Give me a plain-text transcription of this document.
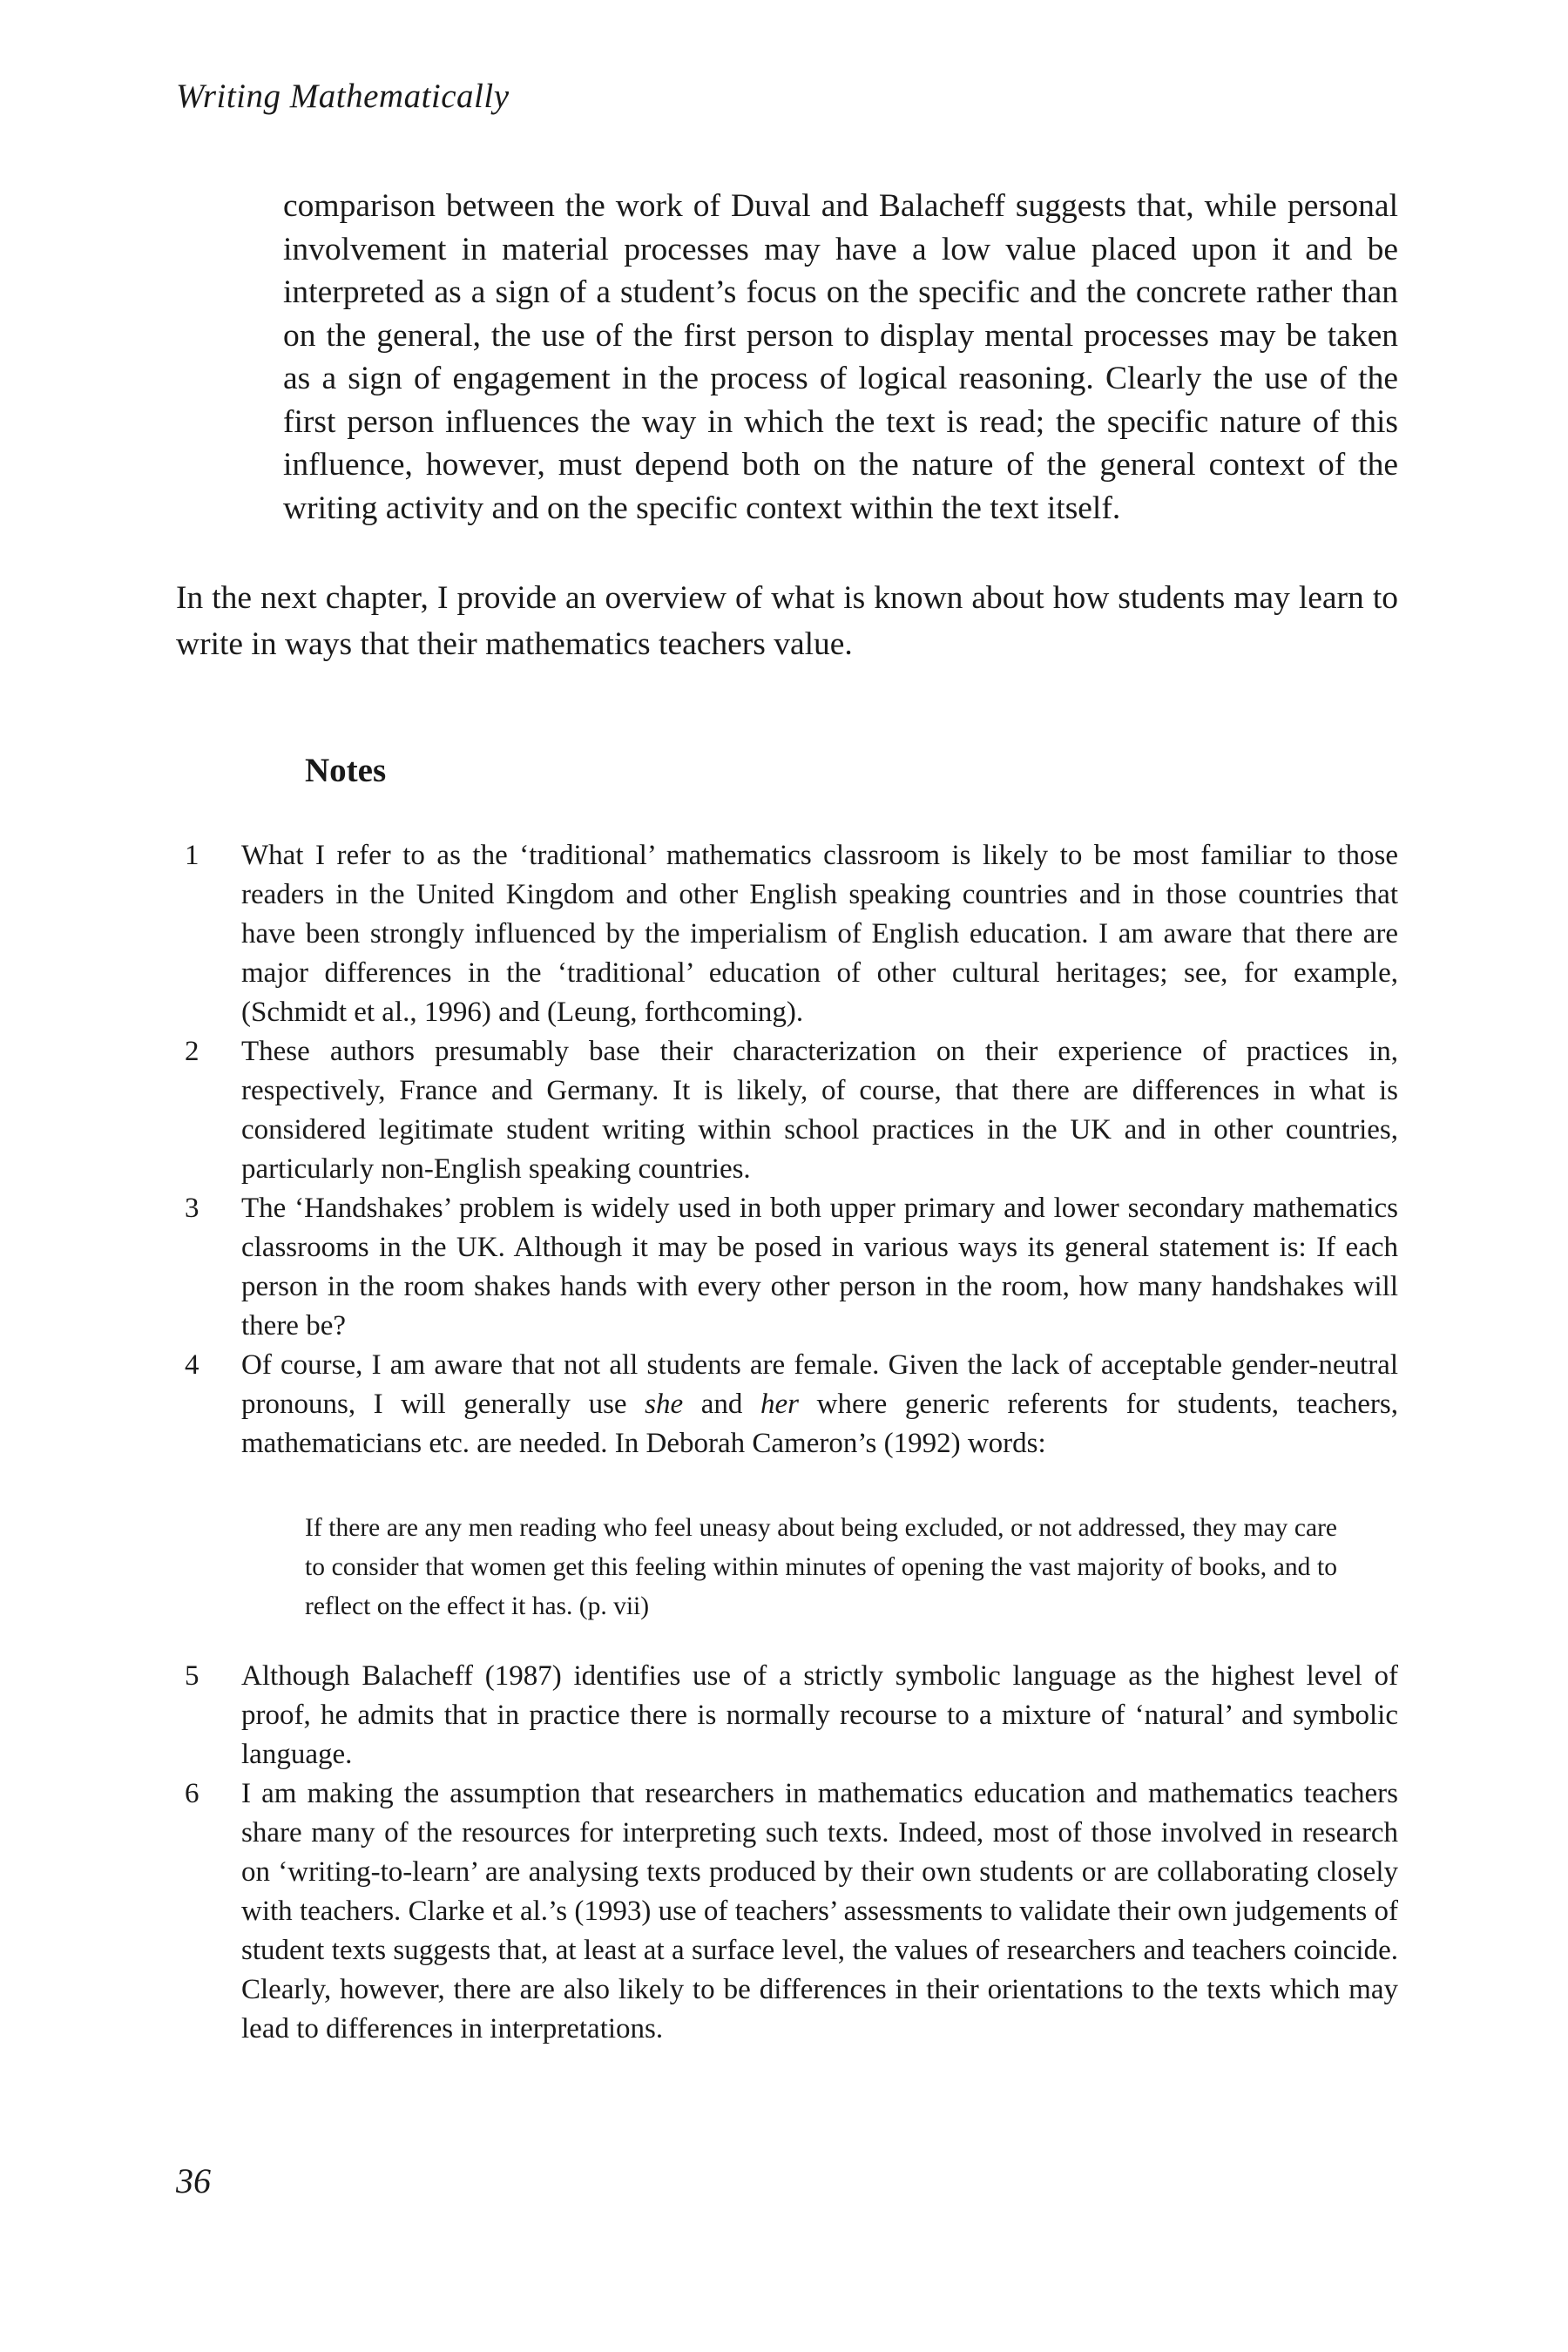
Writing Mathematically

comparison between the work of Duval and Balacheff suggests that, while personal involvement in material processes may have a low value placed upon it and be interpreted as a sign of a student’s focus on the specific and the concrete rather than on the general, the use of the first person to display mental processes may be taken as a sign of engagement in the process of logical reasoning. Clearly the use of the first person influences the way in which the text is read; the specific nature of this influence, however, must depend both on the nature of the general context of the writing activity and on the specific context within the text itself.

In the next chapter, I provide an overview of what is known about how students may learn to write in ways that their mathematics teachers value.

Notes
1 What I refer to as the ‘traditional’ mathematics classroom is likely to be most familiar to those readers in the United Kingdom and other English speaking countries and in those countries that have been strongly influenced by the imperialism of English education. I am aware that there are major differences in the ‘traditional’ education of other cultural heritages; see, for example, (Schmidt et al., 1996) and (Leung, forthcoming).
2 These authors presumably base their characterization on their experience of practices in, respectively, France and Germany. It is likely, of course, that there are differences in what is considered legitimate student writing within school practices in the UK and in other countries, particularly non-English speaking countries.
3 The ‘Handshakes’ problem is widely used in both upper primary and lower secondary mathematics classrooms in the UK. Although it may be posed in various ways its general statement is: If each person in the room shakes hands with every other person in the room, how many handshakes will there be?
4 Of course, I am aware that not all students are female. Given the lack of acceptable gender-neutral pronouns, I will generally use she and her where generic referents for students, teachers, mathematicians etc. are needed. In Deborah Cameron’s (1992) words:

If there are any men reading who feel uneasy about being excluded, or not addressed, they may care to consider that women get this feeling within minutes of opening the vast majority of books, and to reflect on the effect it has. (p. vii)

5 Although Balacheff (1987) identifies use of a strictly symbolic language as the highest level of proof, he admits that in practice there is normally recourse to a mixture of ‘natural’ and symbolic language.
6 I am making the assumption that researchers in mathematics education and mathematics teachers share many of the resources for interpreting such texts. Indeed, most of those involved in research on ‘writing-to-learn’ are analysing texts produced by their own students or are collaborating closely with teachers. Clarke et al.’s (1993) use of teachers’ assessments to validate their own judgements of student texts suggests that, at least at a surface level, the values of researchers and teachers coincide. Clearly, however, there are also likely to be differences in their orientations to the texts which may lead to differences in interpretations.
36
